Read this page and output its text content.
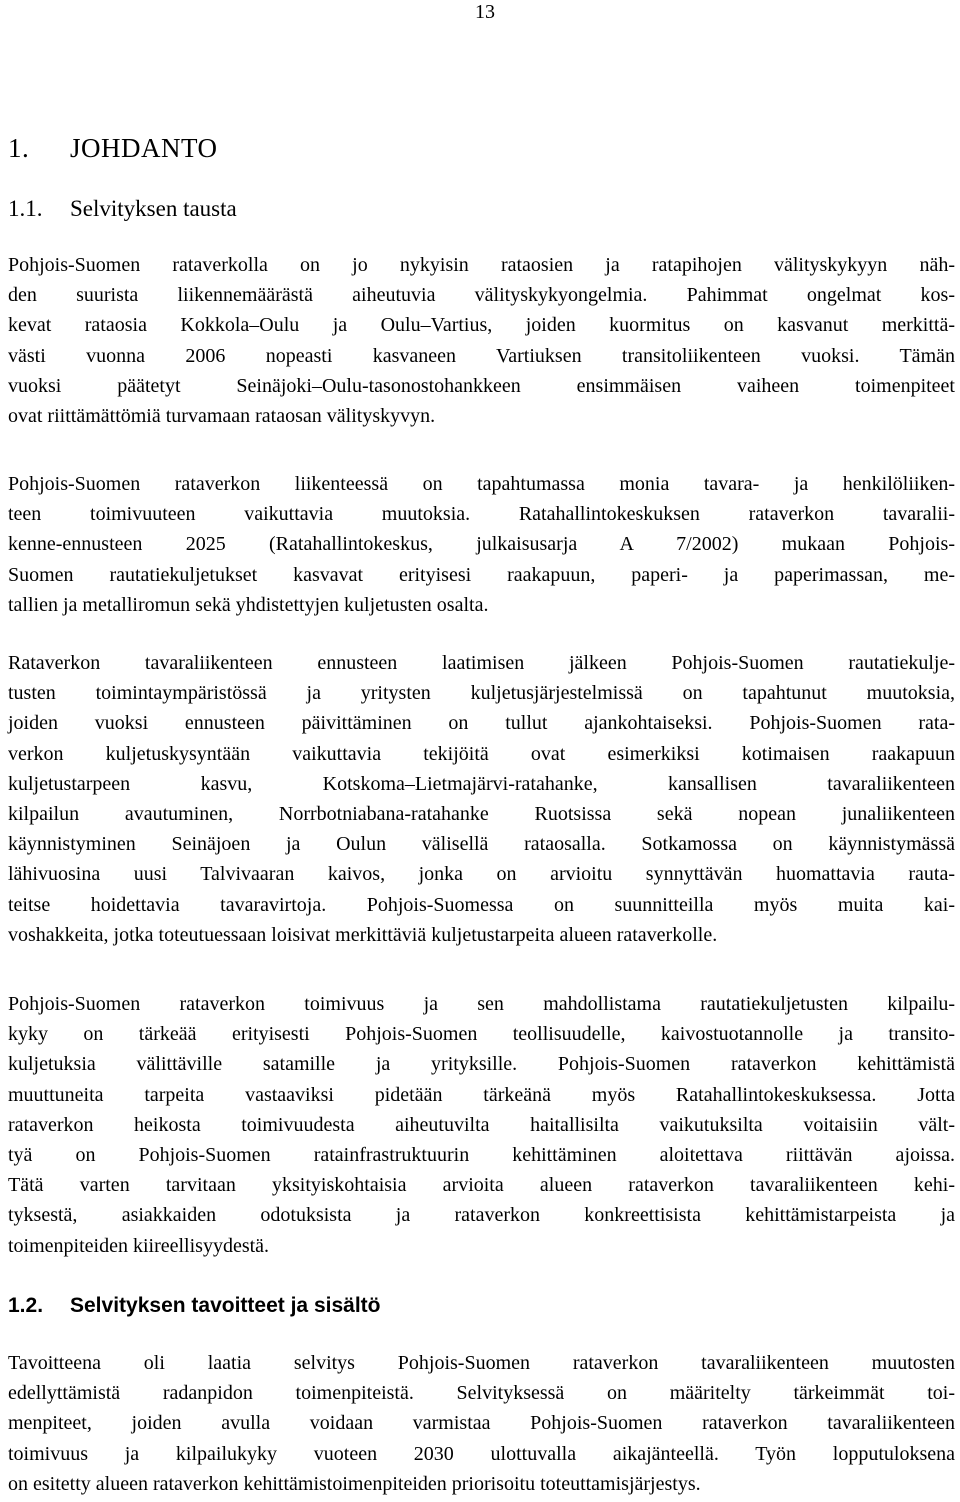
13
1.	JOHDANTO
1.1.	Selvityksen tausta

Pohjois-Suomen rataverkolla on jo nykyisin rataosien ja ratapihojen välityskykyyn näh-
den suurista liikennemäärästä aiheutuvia välityskykyongelmia. Pahimmat ongelmat kos-
kevat rataosia Kokkola–Oulu ja Oulu–Vartius, joiden kuormitus on kasvanut merkittä-
västi vuonna 2006 nopeasti kasvaneen Vartiuksen transitoliikenteen vuoksi. Tämän
vuoksi päätetyt Seinäjoki–Oulu-tasonostohankkeen ensimmäisen vaiheen toimenpiteet
ovat riittämättömiä turvamaan rataosan välityskyvyn.

Pohjois-Suomen rataverkon liikenteessä on tapahtumassa monia tavara- ja henkilöliiken-
teen toimivuuteen vaikuttavia muutoksia. Ratahallintokeskuksen rataverkon tavaralii-
kenne-ennusteen 2025 (Ratahallintokeskus, julkaisusarja A 7/2002) mukaan Pohjois-
Suomen rautatiekuljetukset kasvavat erityisesi raakapuun, paperi- ja paperimassan, me-
tallien ja metalliromun sekä yhdistettyjen kuljetusten osalta.

Rataverkon tavaraliikenteen ennusteen laatimisen jälkeen Pohjois-Suomen rautatiekulje-
tusten toimintaympäristössä ja yritysten kuljetusjärjestelmissä on tapahtunut muutoksia,
joiden vuoksi ennusteen päivittäminen on tullut ajankohtaiseksi. Pohjois-Suomen rata-
verkon kuljetuskysyntään vaikuttavia tekijöitä ovat esimerkiksi kotimaisen raakapuun
kuljetustarpeen kasvu, Kotskoma–Lietmajärvi-ratahanke, kansallisen tavaraliikenteen
kilpailun avautuminen, Norrbotniabana-ratahanke Ruotsissa sekä nopean junaliikenteen
käynnistyminen Seinäjoen ja Oulun välisellä rataosalla. Sotkamossa on käynnistymässä
lähivuosina uusi Talvivaaran kaivos, jonka on arvioitu synnyttävän huomattavia rauta-
teitse hoidettavia tavaravirtoja. Pohjois-Suomessa on suunnitteilla myös muita kai-
voshakkeita, jotka toteutuessaan loisivat merkittäviä kuljetustarpeita alueen rataverkolle.

Pohjois-Suomen rataverkon toimivuus ja sen mahdollistama rautatiekuljetusten kilpailu-
kyky on tärkeää erityisesti Pohjois-Suomen teollisuudelle, kaivostuotannolle ja transito-
kuljetuksia välittäville satamille ja yrityksille. Pohjois-Suomen rataverkon kehittämistä
muuttuneita tarpeita vastaaviksi pidetään tärkeänä myös Ratahallintokeskuksessa. Jotta
rataverkon heikosta toimivuudesta aiheutuvilta haitallisilta vaikutuksilta voitaisiin vält-
tyä on Pohjois-Suomen ratainfrastruktuurin kehittäminen aloitettava riittävän ajoissa.
Tätä varten tarvitaan yksityiskohtaisia arvioita alueen rataverkon tavaraliikenteen kehi-
tyksestä, asiakkaiden odotuksista ja rataverkon konkreettisista kehittämistarpeista ja
toimenpiteiden kiireellisyydestä.

1.2.	Selvityksen tavoitteet ja sisältö

Tavoitteena oli laatia selvitys Pohjois-Suomen rataverkon tavaraliikenteen muutosten
edellyttämistä radanpidon toimenpiteistä. Selvityksessä on määritelty tärkeimmät toi-
menpiteet, joiden avulla voidaan varmistaa Pohjois-Suomen rataverkon tavaraliikenteen
toimivuus ja kilpailukyky vuoteen 2030 ulottuvalla aikajänteellä. Työn lopputuloksena
on esitetty alueen rataverkon kehittämistoimenpiteiden priorisoitu toteuttamisjärjestys.
